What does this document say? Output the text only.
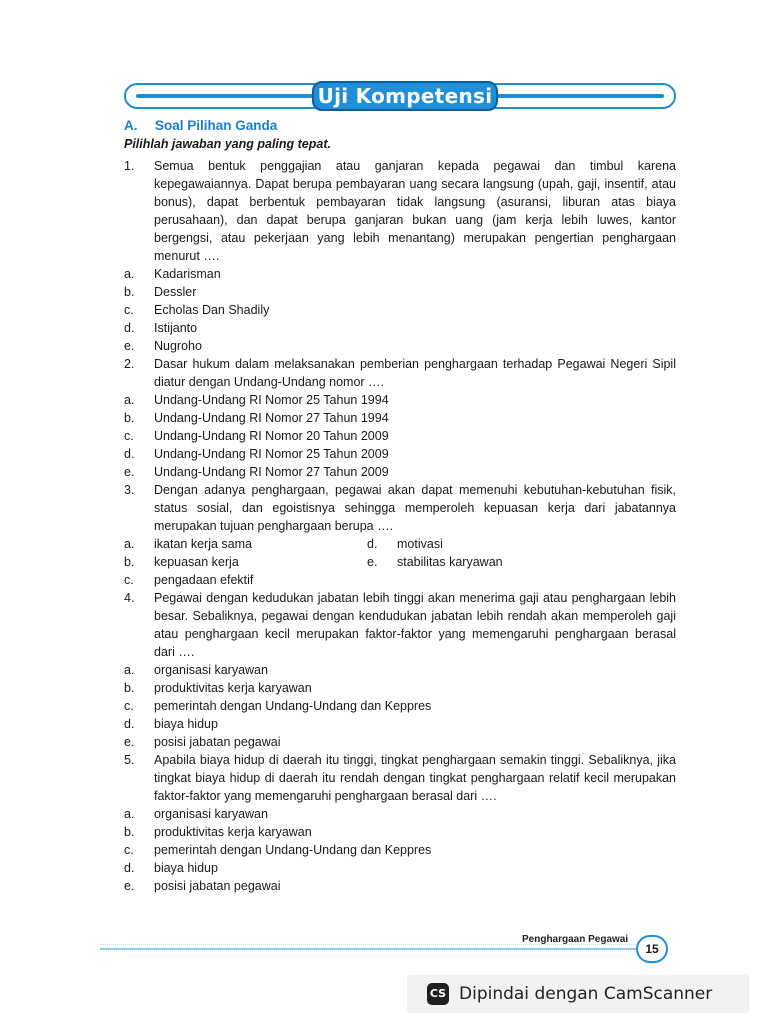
Uji Kompetensi
A. Soal Pilihan Ganda
Pilihlah jawaban yang paling tepat.
1.	Semua bentuk penggajian atau ganjaran kepada pegawai dan timbul karena kepegawaiannya. Dapat berupa pembayaran uang secara langsung (upah, gaji, insentif, atau bonus), dapat berbentuk pembayaran tidak langsung (asuransi, liburan atas biaya perusahaan), dan dapat berupa ganjaran bukan uang (jam kerja lebih luwes, kantor bergengsi, atau pekerjaan yang lebih menantang) merupakan pengertian penghargaan menurut ….
a.	Kadarisman
b.	Dessler
c.	Echolas Dan Shadily
d.	Istijanto
e.	Nugroho
2.	Dasar hukum dalam melaksanakan pemberian penghargaan terhadap Pegawai Negeri Sipil diatur dengan Undang-Undang nomor ….
a.	Undang-Undang RI Nomor 25 Tahun 1994
b.	Undang-Undang RI Nomor 27 Tahun 1994
c.	Undang-Undang RI Nomor 20 Tahun 2009
d.	Undang-Undang RI Nomor 25 Tahun 2009
e.	Undang-Undang RI Nomor 27 Tahun 2009
3.	Dengan adanya penghargaan, pegawai akan dapat memenuhi kebutuhan-kebutuhan fisik, status sosial, dan egoistisnya sehingga memperoleh kepuasan kerja dari jabatannya merupakan tujuan penghargaan berupa ….
a.	ikatan kerja sama	d.	motivasi
b.	kepuasan kerja	e.	stabilitas karyawan
c.	pengadaan efektif
4.	Pegawai dengan kedudukan jabatan lebih tinggi akan menerima gaji atau penghargaan lebih besar. Sebaliknya, pegawai dengan kendudukan jabatan lebih rendah akan memperoleh gaji atau penghargaan kecil merupakan faktor-faktor yang memengaruhi penghargaan berasal dari ….
a.	organisasi karyawan
b.	produktivitas kerja karyawan
c.	pemerintah dengan Undang-Undang dan Keppres
d.	biaya hidup
e.	posisi jabatan pegawai
5.	Apabila biaya hidup di daerah itu tinggi, tingkat penghargaan semakin tinggi. Sebaliknya, jika tingkat biaya hidup di daerah itu rendah dengan tingkat penghargaan relatif kecil merupakan faktor-faktor yang memengaruhi penghargaan berasal dari ….
a.	organisasi karyawan
b.	produktivitas kerja karyawan
c.	pemerintah dengan Undang-Undang dan Keppres
d.	biaya hidup
e.	posisi jabatan pegawai
Penghargaan Pegawai
15
CS Dipindai dengan CamScanner
